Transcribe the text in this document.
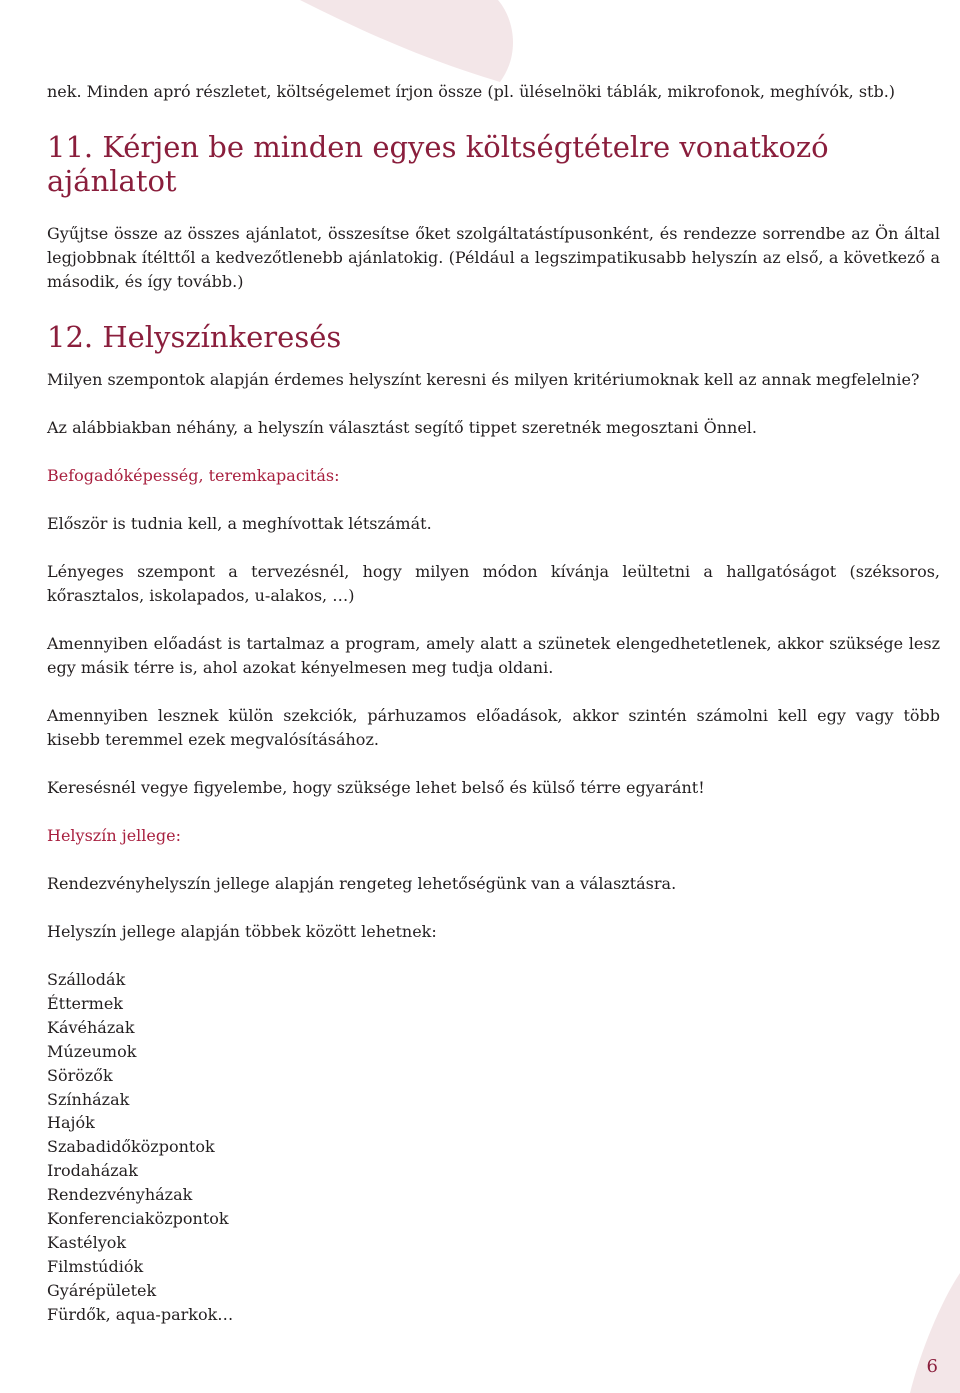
nek. Minden apró részletet, költségelemet írjon össze (pl. üléselnöki táblák, mikrofonok, meghívók, stb.)

11. Kérjen be minden egyes költségtételre vonatkozó ajánlatot

Gyűjtse össze az összes ajánlatot, összesítse őket szolgáltatástípusonként, és rendezze sorrendbe az Ön által legjobbnak ítélttől a kedvezőtlenebb ajánlatokig. (Például a legszimpatikusabb helyszín az első, a következő a második, és így tovább.)

12. Helyszínkeresés

Milyen szempontok alapján érdemes helyszínt keresni és milyen kritériumoknak kell az annak megfelelnie?

Az alábbiakban néhány, a helyszín választást segítő tippet szeretnék megosztani Önnel.

Befogadóképesség, teremkapacitás:

Először is tudnia kell, a meghívottak létszámát.

Lényeges szempont a tervezésnél, hogy milyen módon kívánja leültetni a hallgatóságot (széksoros, kőrasztalos, iskolapados, u-alakos, …)

Amennyiben előadást is tartalmaz a program, amely alatt a szünetek elengedhetetlenek, akkor szüksége lesz egy másik térre is, ahol azokat kényelmesen meg tudja oldani.

Amennyiben lesznek külön szekciók, párhuzamos előadások, akkor szintén számolni kell egy vagy több kisebb teremmel ezek megvalósításához.

Keresésnél vegye figyelembe, hogy szüksége lehet belső és külső térre egyaránt!

Helyszín jellege:

Rendezvényhelyszín jellege alapján rengeteg lehetőségünk van a választásra.

Helyszín jellege alapján többek között lehetnek:

Szállodák
Éttermek
Kávéházak
Múzeumok
Sörözők
Színházak
Hajók
Szabadidőközpontok
Irodaházak
Rendezvényházak
Konferenciaközpontok
Kastélyok
Filmstúdiók
Gyárépületek
Fürdők, aqua-parkok…
6
